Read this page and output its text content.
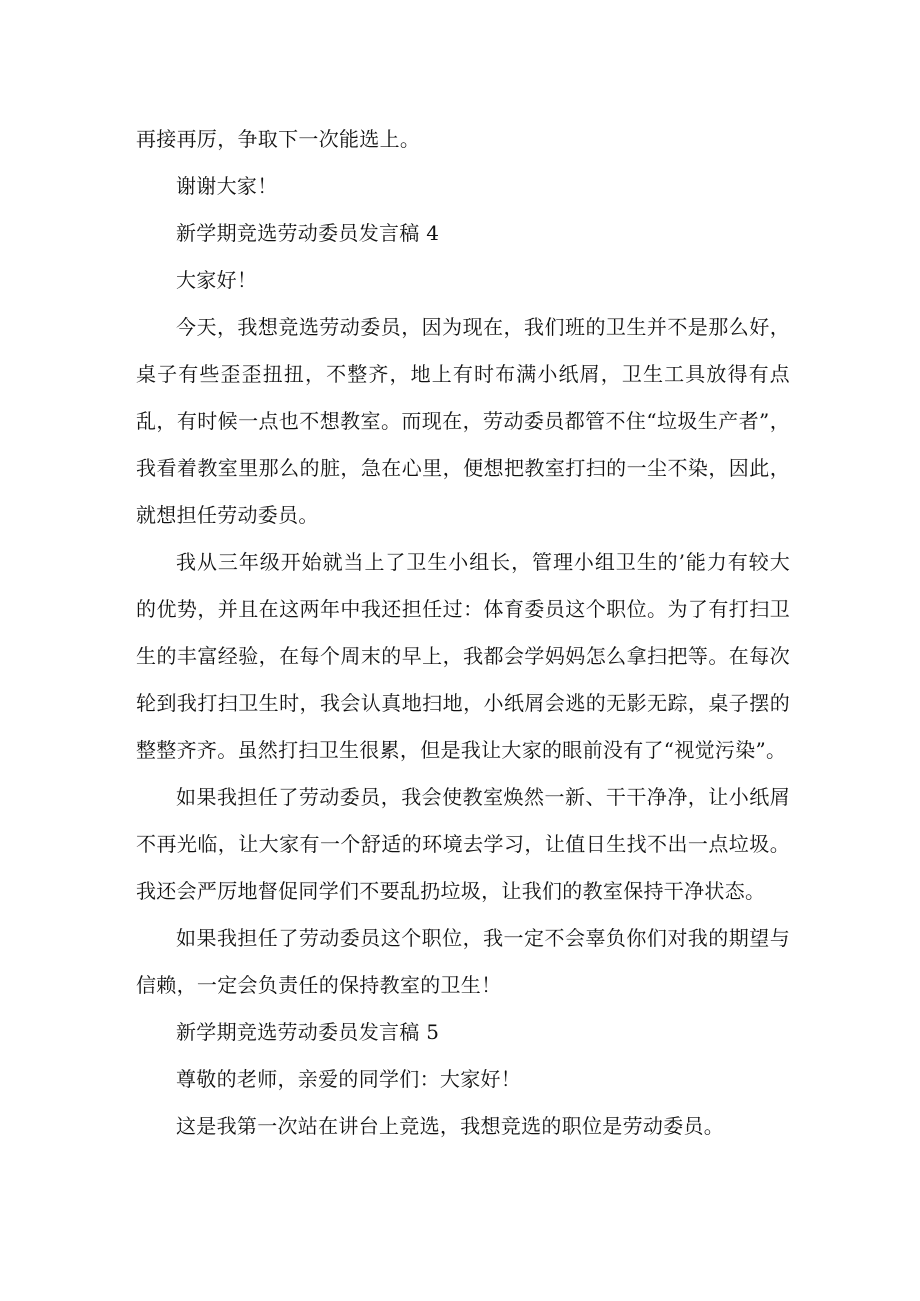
再接再厉，争取下一次能选上。

谢谢大家！

新学期竞选劳动委员发言稿 4

大家好！

今天，我想竞选劳动委员，因为现在，我们班的卫生并不是那么好，桌子有些歪歪扭扭，不整齐，地上有时布满小纸屑，卫生工具放得有点乱，有时候一点也不想教室。而现在，劳动委员都管不住“垃圾生产者”，我看着教室里那么的脏，急在心里，便想把教室打扫的一尘不染，因此，就想担任劳动委员。

我从三年级开始就当上了卫生小组长，管理小组卫生的’能力有较大的优势，并且在这两年中我还担任过：体育委员这个职位。为了有打扫卫生的丰富经验，在每个周末的早上，我都会学妈妈怎么拿扫把等。在每次轮到我打扫卫生时，我会认真地扫地，小纸屑会逃的无影无踪，桌子摆的整整齐齐。虽然打扫卫生很累，但是我让大家的眼前没有了“视觉污染”。

如果我担任了劳动委员，我会使教室焕然一新、干干净净，让小纸屑不再光临，让大家有一个舒适的环境去学习，让值日生找不出一点垃圾。我还会严厉地督促同学们不要乱扔垃圾，让我们的教室保持干净状态。

如果我担任了劳动委员这个职位，我一定不会辜负你们对我的期望与信赖，一定会负责任的保持教室的卫生！

新学期竞选劳动委员发言稿 5

尊敬的老师，亲爱的同学们：大家好！

这是我第一次站在讲台上竞选，我想竞选的职位是劳动委员。
